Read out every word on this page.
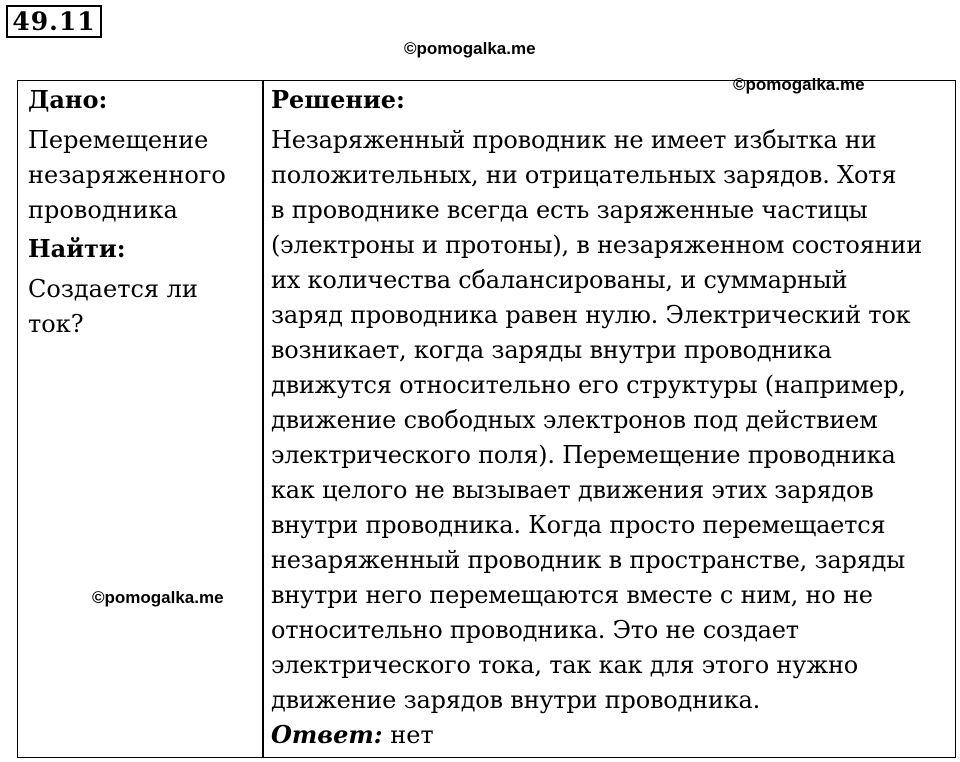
49.11
©pomogalka.me
©pomogalka.me
Дано:
Перемещение
незаряженного
проводника
Найти:
Создается ли
ток?
Решение:
Незаряженный проводник не имеет избытка ни
положительных, ни отрицательных зарядов. Хотя
в проводнике всегда есть заряженные частицы
(электроны и протоны), в незаряженном состоянии
их количества сбалансированы, и суммарный
заряд проводника равен нулю. Электрический ток
возникает, когда заряды внутри проводника
движутся относительно его структуры (например,
движение свободных электронов под действием
электрического поля). Перемещение проводника
как целого не вызывает движения этих зарядов
внутри проводника. Когда просто перемещается
незаряженный проводник в пространстве, заряды
внутри него перемещаются вместе с ним, но не
относительно проводника. Это не создает
электрического тока, так как для этого нужно
движение зарядов внутри проводника.
Ответ: нет
©pomogalka.me
